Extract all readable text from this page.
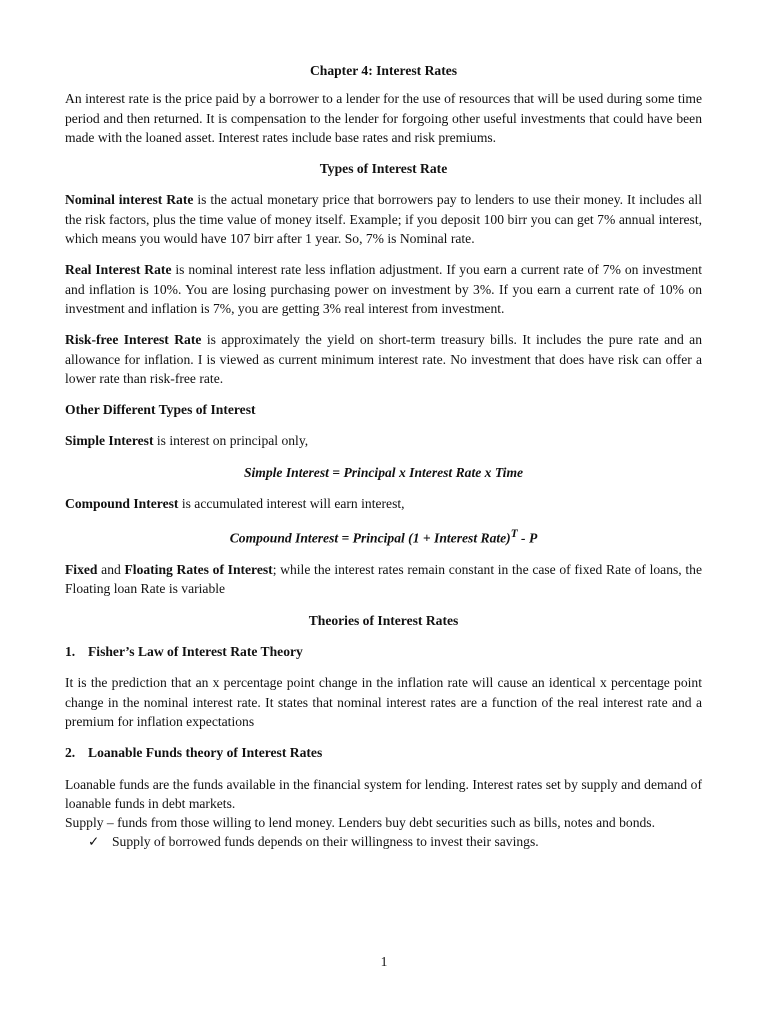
Chapter 4: Interest Rates

An interest rate is the price paid by a borrower to a lender for the use of resources that will be used during some time period and then returned. It is compensation to the lender for forgoing other useful investments that could have been made with the loaned asset. Interest rates include base rates and risk premiums.

Types of Interest Rate

Nominal interest Rate is the actual monetary price that borrowers pay to lenders to use their money. It includes all the risk factors, plus the time value of money itself. Example; if you deposit 100 birr you can get 7% annual interest, which means you would have 107 birr after 1 year. So, 7% is Nominal rate.

Real Interest Rate is nominal interest rate less inflation adjustment. If you earn a current rate of 7% on investment and inflation is 10%. You are losing purchasing power on investment by 3%. If you earn a current rate of 10% on investment and inflation is 7%, you are getting 3% real interest from investment.

Risk-free Interest Rate is approximately the yield on short-term treasury bills. It includes the pure rate and an allowance for inflation. I is viewed as current minimum interest rate. No investment that does have risk can offer a lower rate than risk-free rate.

Other Different Types of Interest

Simple Interest is interest on principal only,

Simple Interest = Principal x Interest Rate x Time

Compound Interest is accumulated interest will earn interest,

Compound Interest = Principal (1 + Interest Rate)$^T$ - P

Fixed and Floating Rates of Interest; while the interest rates remain constant in the case of fixed Rate of loans, the Floating loan Rate is variable

Theories of Interest Rates
1. Fisher’s Law of Interest Rate Theory

It is the prediction that an x percentage point change in the inflation rate will cause an identical x percentage point change in the nominal interest rate. It states that nominal interest rates are a function of the real interest rate and a premium for inflation expectations

2. Loanable Funds theory of Interest Rates

Loanable funds are the funds available in the financial system for lending. Interest rates set by supply and demand of loanable funds in debt markets.

Supply – funds from those willing to lend money. Lenders buy debt securities such as bills, notes and bonds.

✓ Supply of borrowed funds depends on their willingness to invest their savings.

1
